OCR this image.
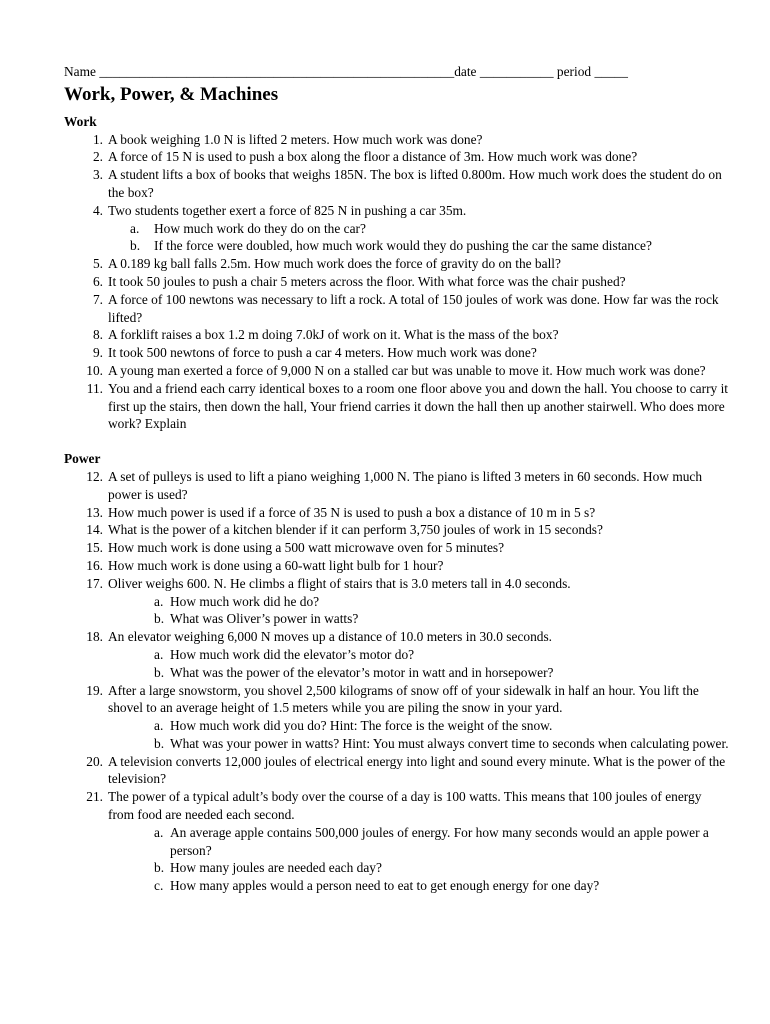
Name
_____________________________________________________ date
___________
period
_____
Work, Power, & Machines
Work
1. A book weighing 1.0 N is lifted 2 meters. How much work was done?
2. A force of 15 N is used to push a box along the floor a distance of 3m. How much work was done?
3. A student lifts a box of books that weighs 185N. The box is lifted 0.800m. How much work does the student do on the box?
4. Two students together exert a force of 825 N in pushing a car 35m.
a.	How much work do they do on the car?
b.	If the force were doubled, how much work would they do pushing the car the same distance?
5. A 0.189 kg ball falls 2.5m. How much work does the force of gravity do on the ball?
6. It took 50 joules to push a chair 5 meters across the floor. With what force was the chair pushed?
7. A force of 100 newtons was necessary to lift a rock. A total of 150 joules of work was done. How far was the rock lifted?
8. A forklift raises a box 1.2 m doing 7.0kJ of work on it. What is the mass of the box?
9. It took 500 newtons of force to push a car 4 meters. How much work was done?
10. A young man exerted a force of 9,000 N on a stalled car but was unable to move it. How much work was done?
11. You and a friend each carry identical boxes to a room one floor above you and down the hall. You choose to carry it first up the stairs, then down the hall, Your friend carries it down the hall then up another stairwell. Who does more work? Explain
Power
12. A set of pulleys is used to lift a piano weighing 1,000 N. The piano is lifted 3 meters in 60 seconds. How much power is used?
13. How much power is used if a force of 35 N is used to push a box a distance of 10 m in 5 s?
14. What is the power of a kitchen blender if it can perform 3,750 joules of work in 15 seconds?
15. How much work is done using a 500 watt microwave oven for 5 minutes?
16. How much work is done using a 60-watt light bulb for 1 hour?
17. Oliver weighs 600. N. He climbs a flight of stairs that is 3.0 meters tall in 4.0 seconds.
a. How much work did he do?
b. What was Oliver’s power in watts?
18. An elevator weighing 6,000 N moves up a distance of 10.0 meters in 30.0 seconds.
a. How much work did the elevator’s motor do?
b. What was the power of the elevator’s motor in watt and in horsepower?
19. After a large snowstorm, you shovel 2,500 kilograms of snow off of your sidewalk in half an hour. You lift the shovel to an average height of 1.5 meters while you are piling the snow in your yard.
a. How much work did you do? Hint: The force is the weight of the snow.
b. What was your power in watts? Hint: You must always convert time to seconds when calculating power.
20. A television converts 12,000 joules of electrical energy into light and sound every minute. What is the power of the television?
21. The power of a typical adult’s body over the course of a day is 100 watts. This means that 100 joules of energy from food are needed each second.
a. An average apple contains 500,000 joules of energy. For how many seconds would an apple power a person?
b. How many joules are needed each day?
c. How many apples would a person need to eat to get enough energy for one day?
